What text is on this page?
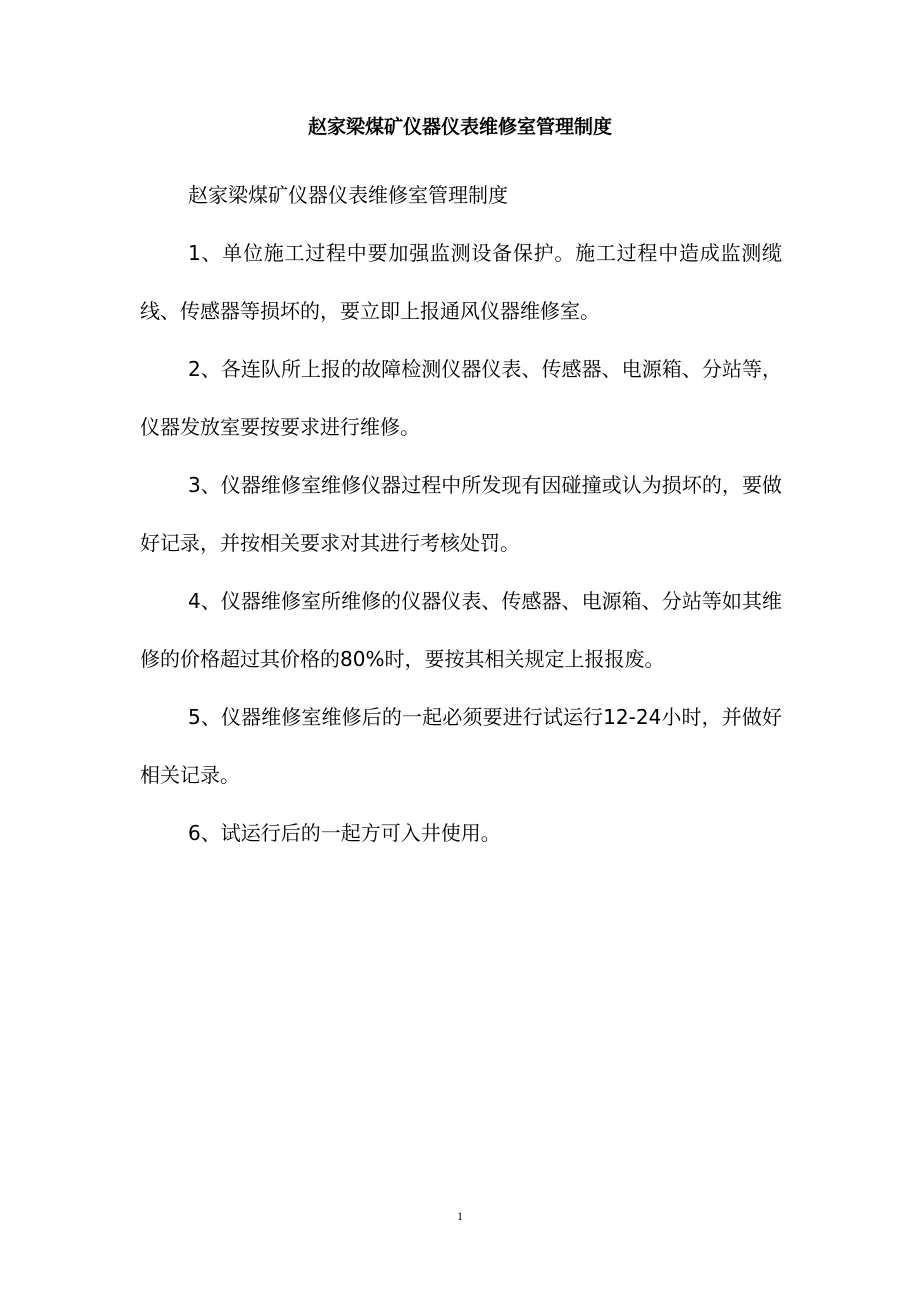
赵家梁煤矿仪器仪表维修室管理制度

赵家梁煤矿仪器仪表维修室管理制度

1、单位施工过程中要加强监测设备保护。施工过程中造成监测缆线、传感器等损坏的，要立即上报通风仪器维修室。

2、各连队所上报的故障检测仪器仪表、传感器、电源箱、分站等，仪器发放室要按要求进行维修。

3、仪器维修室维修仪器过程中所发现有因碰撞或认为损坏的，要做好记录，并按相关要求对其进行考核处罚。

4、仪器维修室所维修的仪器仪表、传感器、电源箱、分站等如其维修的价格超过其价格的80%时，要按其相关规定上报报废。

5、仪器维修室维修后的一起必须要进行试运行12-24小时，并做好相关记录。

6、试运行后的一起方可入井使用。

1
